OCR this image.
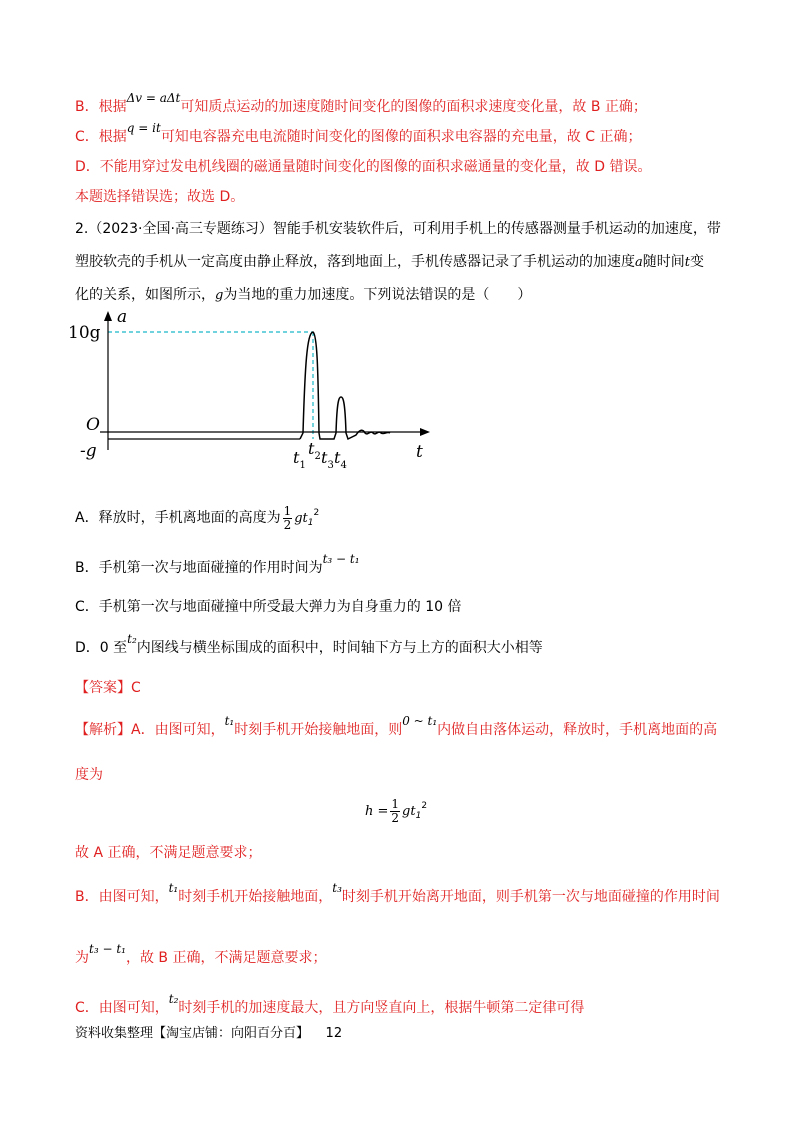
B．根据Δv = aΔt可知质点运动的加速度随时间变化的图像的面积求速度变化量，故 B 正确；
C．根据q = it可知电容器充电电流随时间变化的图像的面积求电容器的充电量，故 C 正确；
D．不能用穿过发电机线圈的磁通量随时间变化的图像的面积求磁通量的变化量，故 D 错误。
本题选择错误选；故选 D。
2.（2023·全国·高三专题练习）智能手机安装软件后，可利用手机上的传感器测量手机运动的加速度，带
塑胶软壳的手机从一定高度由静止释放，落到地面上，手机传感器记录了手机运动的加速度a随时间t变
化的关系，如图所示，g为当地的重力加速度。下列说法错误的是（　　）
a
10g
O
-g	t
$t_1$
$t_2$ $t_3$ $t_4$
A．释放时，手机离地面的高度为 $\frac{1}{2} gt_1^2$
B．手机第一次与地面碰撞的作用时间为t₃ − t₁
C．手机第一次与地面碰撞中所受最大弹力为自身重力的 10 倍
D．0 至t₂内图线与横坐标围成的面积中，时间轴下方与上方的面积大小相等
【答案】C
【解析】A．由图可知，t₁时刻手机开始接触地面，则0 ~ t₁内做自由落体运动，释放时，手机离地面的高
度为
$h = \frac{1}{2} gt_1^2$
故 A 正确，不满足题意要求；
B．由图可知，t₁时刻手机开始接触地面，t₃时刻手机开始离开地面，则手机第一次与地面碰撞的作用时间
为t₃ − t₁，故 B 正确，不满足题意要求；
C．由图可知，t₂时刻手机的加速度最大，且方向竖直向上，根据牛顿第二定律可得
资料收集整理【淘宝店铺：向阳百分百】 12
